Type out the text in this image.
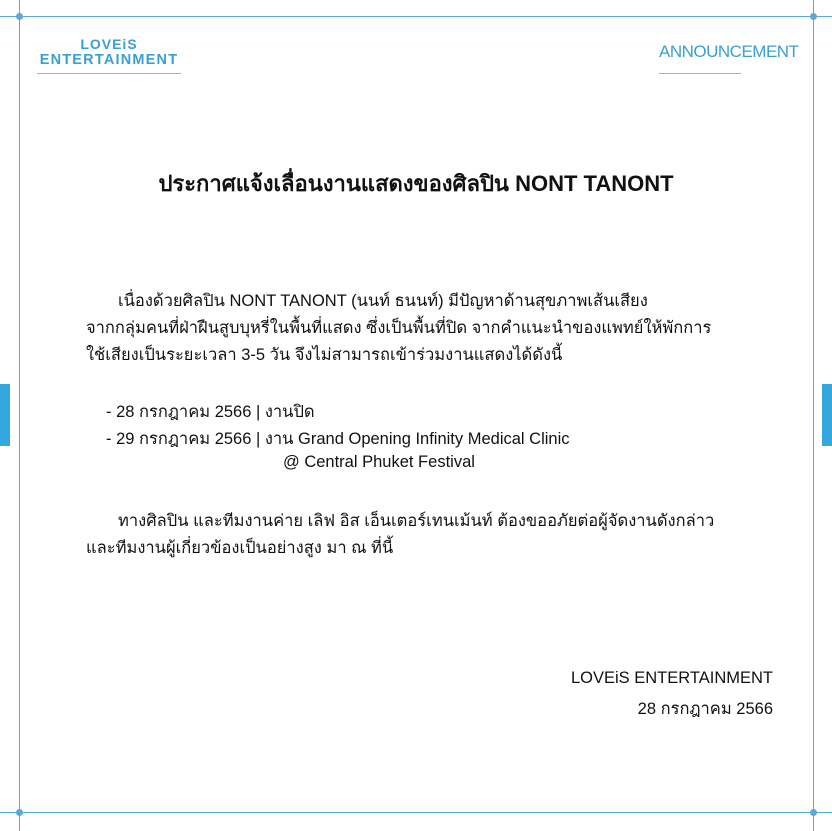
LOVEiS
ENTERTAINMENT	ANNOUNCEMENT
ประกาศแจ้งเลื่อนงานแสดงของศิลปิน NONT TANONT

เนื่องด้วยศิลปิน NONT TANONT (นนท์ ธนนท์) มีปัญหาด้านสุขภาพเส้นเสียง
จากกลุ่มคนที่ฝ่าฝืนสูบบุหรี่ในพื้นที่แสดง ซึ่งเป็นพื้นที่ปิด จากคำแนะนำของแพทย์ให้พักการ
ใช้เสียงเป็นระยะเวลา 3-5 วัน จึงไม่สามารถเข้าร่วมงานแสดงได้ดังนี้

- 28 กรกฎาคม 2566 | งานปิด
- 29 กรกฎาคม 2566 | งาน Grand Opening Infinity Medical Clinic
@ Central Phuket Festival

ทางศิลปิน และทีมงานค่าย เลิฟ อิส เอ็นเตอร์เทนเม้นท์ ต้องขออภัยต่อผู้จัดงานดังกล่าว
และทีมงานผู้เกี่ยวข้องเป็นอย่างสูง มา ณ ที่นี้

LOVEiS ENTERTAINMENT
28 กรกฎาคม 2566
